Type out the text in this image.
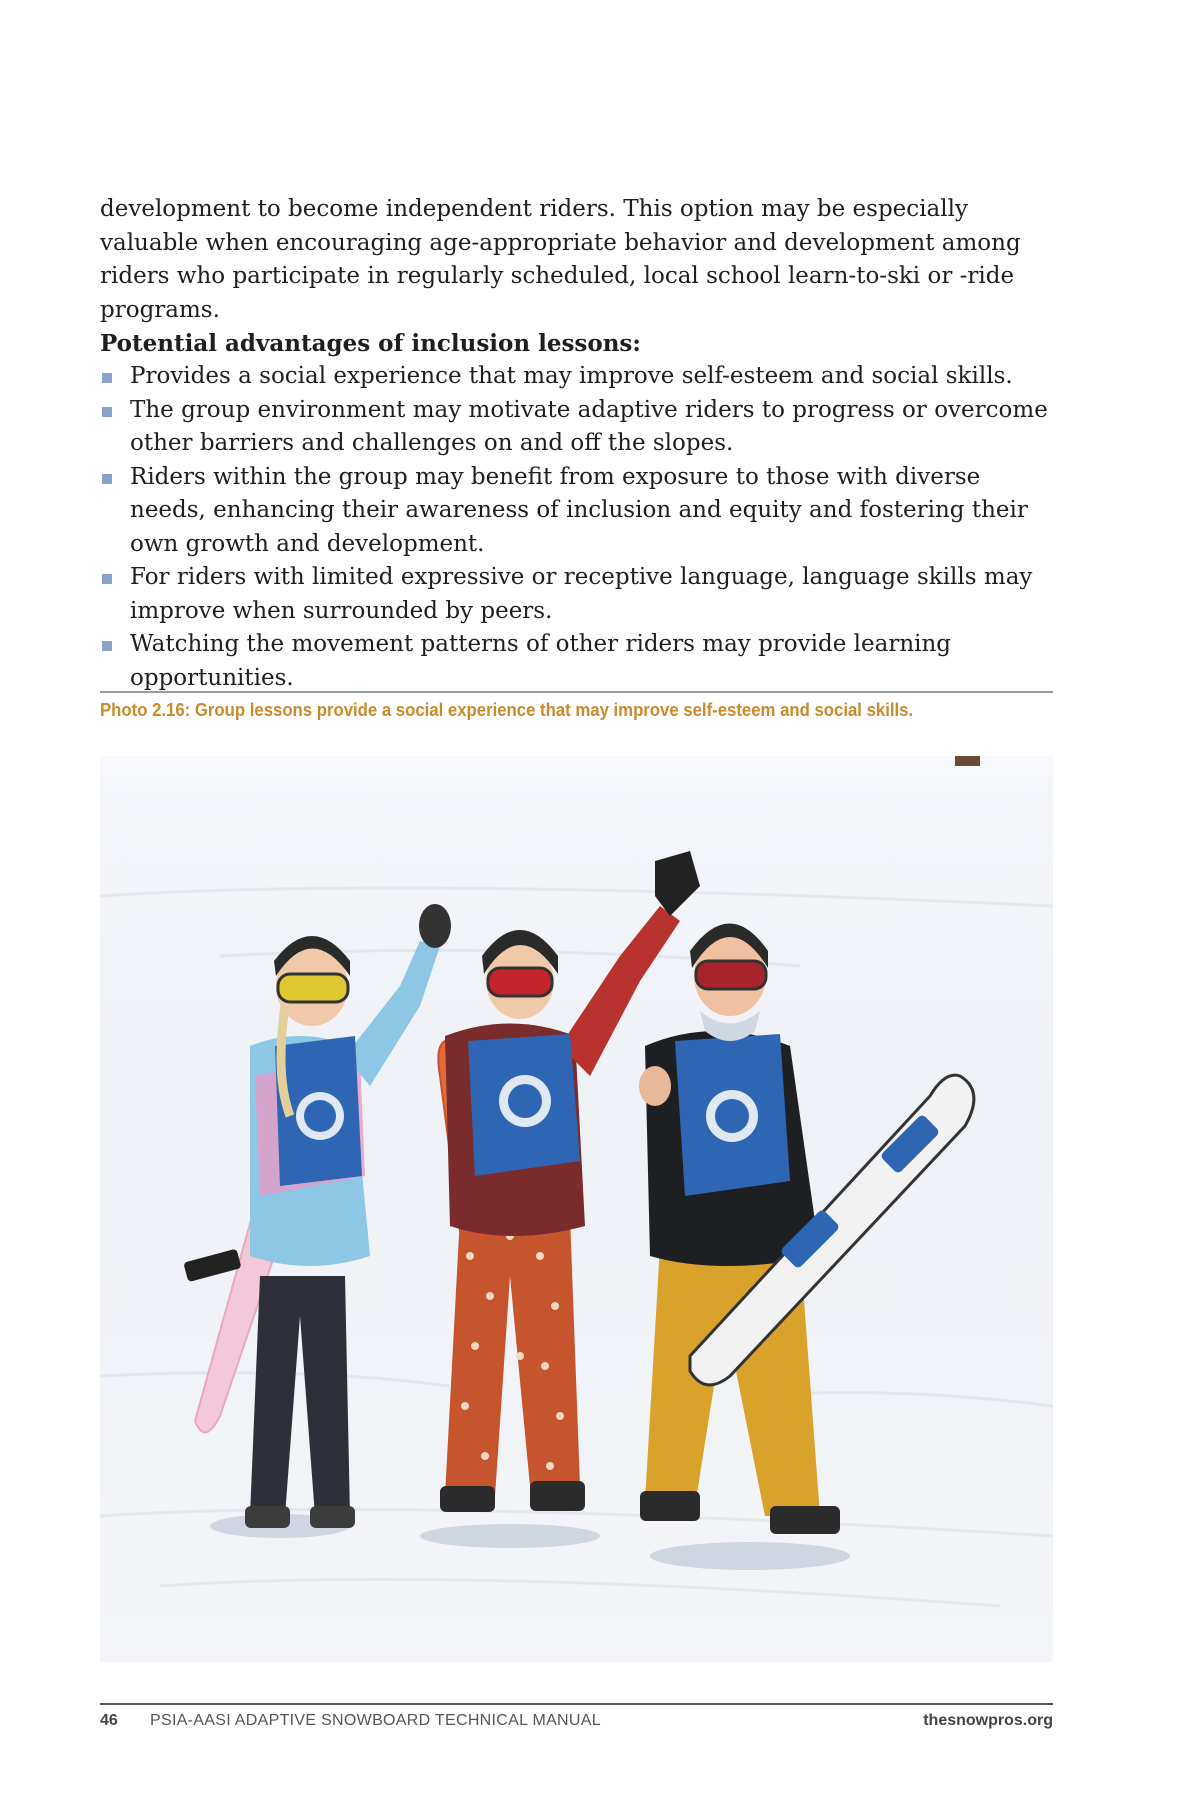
development to become independent riders. This option may be especially valuable when encouraging age-appropriate behavior and development among riders who participate in regularly scheduled, local school learn-to-ski or -ride programs.

Potential advantages of inclusion lessons:

Provides a social experience that may improve self-esteem and social skills.
The group environment may motivate adaptive riders to progress or overcome other barriers and challenges on and off the slopes.
Riders within the group may benefit from exposure to those with diverse needs, enhancing their awareness of inclusion and equity and fostering their own growth and development.
For riders with limited expressive or receptive language, language skills may improve when surrounded by peers.
Watching the movement patterns of other riders may provide learning opportunities.
Photo 2.16: Group lessons provide a social experience that may improve self-esteem and social skills.
46 PSIA-AASI ADAPTIVE SNOWBOARD TECHNICAL MANUAL	thesnowpros.org
